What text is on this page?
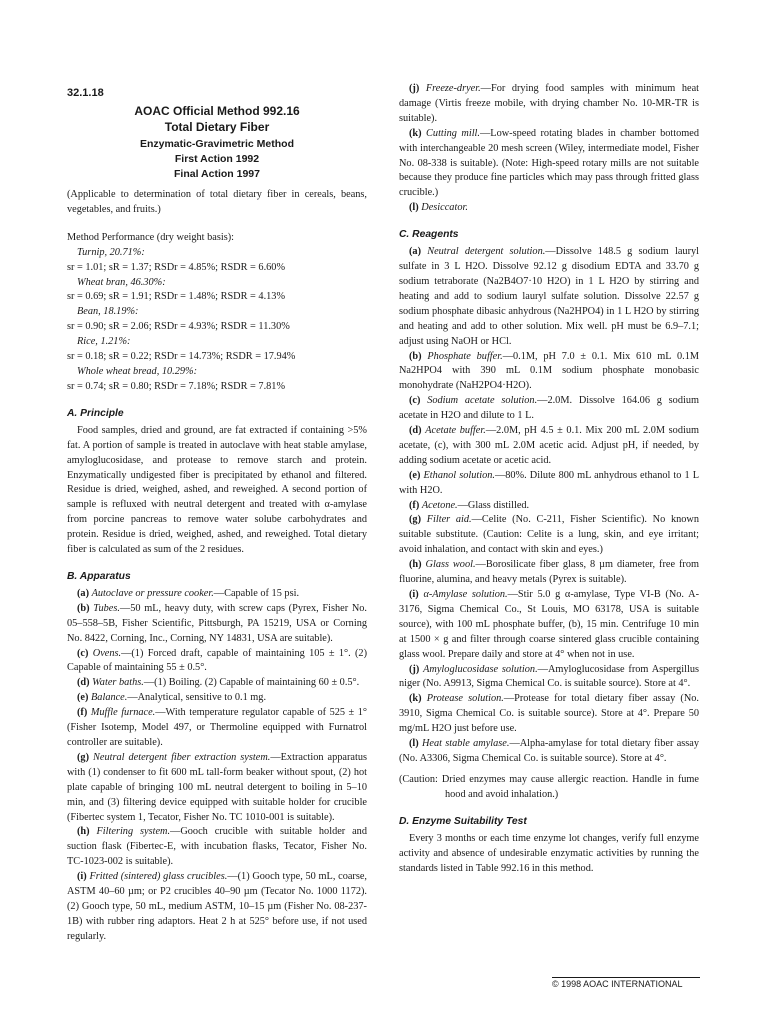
32.1.18
AOAC Official Method 992.16
Total Dietary Fiber
Enzymatic-Gravimetric Method
First Action 1992
Final Action 1997

(Applicable to determination of total dietary fiber in cereals, beans, vegetables, and fruits.)

Method Performance (dry weight basis):

Turnip, 20.71%:
sr = 1.01; sR = 1.37; RSDr = 4.85%; RSDR = 6.60%
Wheat bran, 46.30%:
sr = 0.69; sR = 1.91; RSDr = 1.48%; RSDR = 4.13%
Bean, 18.19%:
sr = 0.90; sR = 2.06; RSDr = 4.93%; RSDR = 11.30%
Rice, 1.21%:
sr = 0.18; sR = 0.22; RSDr = 14.73%; RSDR = 17.94%
Whole wheat bread, 10.29%:
sr = 0.74; sR = 0.80; RSDr = 7.18%; RSDR = 7.81%
A. Principle

Food samples, dried and ground, are fat extracted if containing >5% fat. A portion of sample is treated in autoclave with heat stable amylase, amyloglucosidase, and protease to remove starch and protein. Enzymatically undigested fiber is precipitated by ethanol and filtered. Residue is dried, weighed, ashed, and reweighed. A second portion of sample is refluxed with neutral detergent and treated with α-amylase from porcine pancreas to remove water solube carbohydrates and protein. Residue is dried, weighed, ashed, and reweighed. Total dietary fiber is calculated as sum of the 2 residues.

B. Apparatus

(a) Autoclave or pressure cooker.—Capable of 15 psi.

(b) Tubes.—50 mL, heavy duty, with screw caps (Pyrex, Fisher No. 05–558–5B, Fisher Scientific, Pittsburgh, PA 15219, USA or Corning No. 8422, Corning, Inc., Corning, NY 14831, USA are suitable).

(c) Ovens.—(1) Forced draft, capable of maintaining 105 ± 1°. (2) Capable of maintaining 55 ± 0.5°.

(d) Water baths.—(1) Boiling. (2) Capable of maintaining 60 ± 0.5°.

(e) Balance.—Analytical, sensitive to 0.1 mg.

(f) Muffle furnace.—With temperature regulator capable of 525 ± 1° (Fisher Isotemp, Model 497, or Thermoline equipped with Furnatrol controller are suitable).

(g) Neutral detergent fiber extraction system.—Extraction apparatus with (1) condenser to fit 600 mL tall-form beaker without spout, (2) hot plate capable of bringing 100 mL neutral detergent to boiling in 5–10 min, and (3) filtering device equipped with suitable holder for crucible (Fibertec system 1, Tecator, Fisher No. TC 1010-001 is suitable).

(h) Filtering system.—Gooch crucible with suitable holder and suction flask (Fibertec-E, with incubation flasks, Tecator, Fisher No. TC-1023-002 is suitable).

(i) Fritted (sintered) glass crucibles.—(1) Gooch type, 50 mL, coarse, ASTM 40–60 µm; or P2 crucibles 40–90 µm (Tecator No. 1000 1172). (2) Gooch type, 50 mL, medium ASTM, 10–15 µm (Fisher No. 08-237-1B) with rubber ring adaptors. Heat 2 h at 525° before use, if not used regularly.

(j) Freeze-dryer.—For drying food samples with minimum heat damage (Virtis freeze mobile, with drying chamber No. 10-MR-TR is suitable).

(k) Cutting mill.—Low-speed rotating blades in chamber bottomed with interchangeable 20 mesh screen (Wiley, intermediate model, Fisher No. 08-338 is suitable). (Note: High-speed rotary mills are not suitable because they produce fine particles which may pass through fritted glass crucible.)

(l) Desiccator.

C. Reagents

(a) Neutral detergent solution.—Dissolve 148.5 g sodium lauryl sulfate in 3 L H2O. Dissolve 92.12 g disodium EDTA and 33.70 g sodium tetraborate (Na2B4O7·10 H2O) in 1 L H2O by stirring and heating and add to sodium lauryl sulfate solution. Dissolve 22.57 g sodium phosphate dibasic anhydrous (Na2HPO4) in 1 L H2O by stirring and heating and add to other solution. Mix well. pH must be 6.9–7.1; adjust using NaOH or HCl.

(b) Phosphate buffer.—0.1M, pH 7.0 ± 0.1. Mix 610 mL 0.1M Na2HPO4 with 390 mL 0.1M sodium phosphate monobasic monohydrate (NaH2PO4·H2O).

(c) Sodium acetate solution.—2.0M. Dissolve 164.06 g sodium acetate in H2O and dilute to 1 L.

(d) Acetate buffer.—2.0M, pH 4.5 ± 0.1. Mix 200 mL 2.0M sodium acetate, (c), with 300 mL 2.0M acetic acid. Adjust pH, if needed, by adding sodium acetate or acetic acid.

(e) Ethanol solution.—80%. Dilute 800 mL anhydrous ethanol to 1 L with H2O.

(f) Acetone.—Glass distilled.

(g) Filter aid.—Celite (No. C-211, Fisher Scientific). No known suitable substitute. (Caution: Celite is a lung, skin, and eye irritant; avoid inhalation, and contact with skin and eyes.)

(h) Glass wool.—Borosilicate fiber glass, 8 µm diameter, free from fluorine, alumina, and heavy metals (Pyrex is suitable).

(i) α-Amylase solution.—Stir 5.0 g α-amylase, Type VI-B (No. A-3176, Sigma Chemical Co., St Louis, MO 63178, USA is suitable source), with 100 mL phosphate buffer, (b), 15 min. Centrifuge 10 min at 1500 × g and filter through coarse sintered glass crucible containing glass wool. Prepare daily and store at 4° when not in use.

(j) Amyloglucosidase solution.—Amyloglucosidase from Aspergillus niger (No. A9913, Sigma Chemical Co. is suitable source). Store at 4°.

(k) Protease solution.—Protease for total dietary fiber assay (No. 3910, Sigma Chemical Co. is suitable source). Store at 4°. Prepare 50 mg/mL H2O just before use.

(l) Heat stable amylase.—Alpha-amylase for total dietary fiber assay (No. A3306, Sigma Chemical Co. is suitable source). Store at 4°.

(Caution: Dried enzymes may cause allergic reaction. Handle in fume hood and avoid inhalation.)

D. Enzyme Suitability Test

Every 3 months or each time enzyme lot changes, verify full enzyme activity and absence of undesirable enzymatic activities by running the standards listed in Table 992.16 in this method.

© 1998 AOAC INTERNATIONAL
